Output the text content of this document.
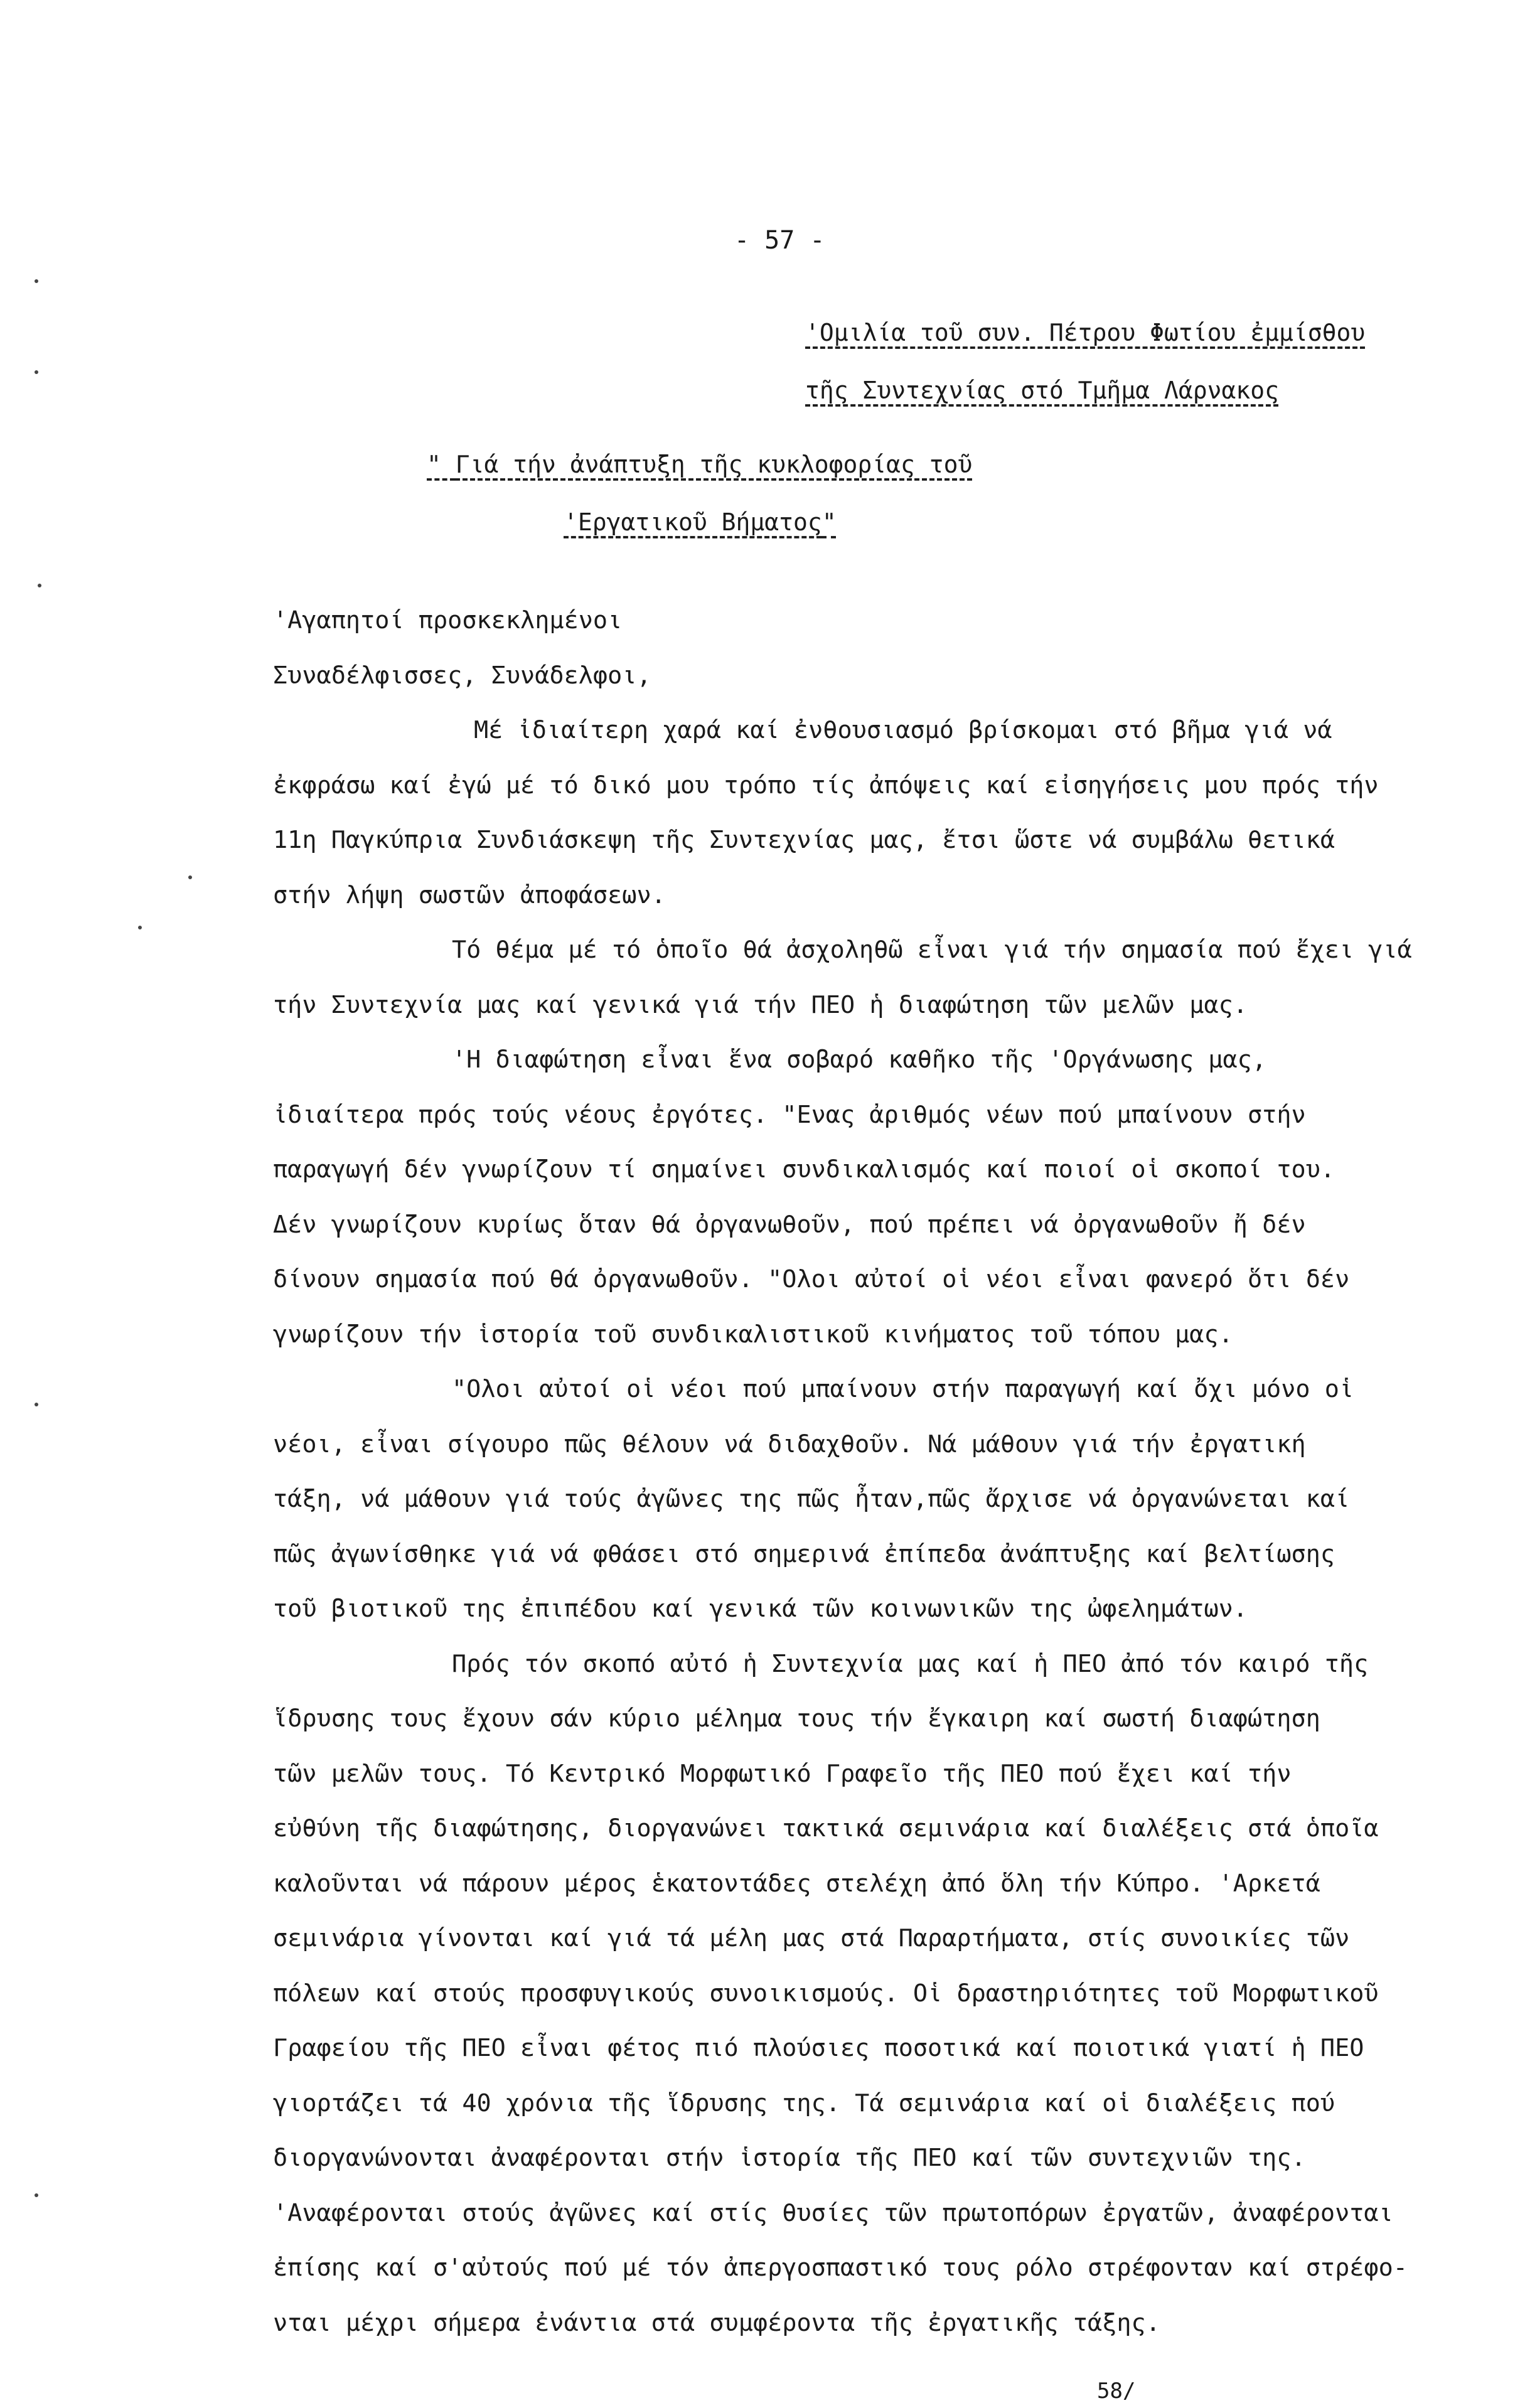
- 57 -
'Ομιλία τοῦ συν. Πέτρου Φωτίου ἐμμίσθου
τῆς Συντεχνίας στό Τμῆμα Λάρνακος
" Γιά τήν ἀνάπτυξη τῆς κυκλοφορίας τοῦ
'Εργατικοῦ Βήματος"
'Αγαπητοί προσκεκλημένοι
Συναδέλφισσες, Συνάδελφοι,
Μέ ἰδιαίτερη χαρά καί ἐνθουσιασμό βρίσκομαι στό βῆμα γιά νά
ἐκφράσω καί ἐγώ μέ τό δικό μου τρόπο τίς ἀπόψεις καί εἰσηγήσεις μου πρός τήν
11η Παγκύπρια Συνδιάσκεψη τῆς Συντεχνίας μας, ἔτσι ὥστε νά συμβάλω θετικά
στήν λήψη σωστῶν ἀποφάσεων.
Τό θέμα μέ τό ὁποῖο θά ἀσχοληθῶ εἶναι γιά τήν σημασία πού ἔχει γιά
τήν Συντεχνία μας καί γενικά γιά τήν ΠΕΟ ἡ διαφώτηση τῶν μελῶν μας.
'Η διαφώτηση εἶναι ἕνα σοβαρό καθῆκο τῆς 'Οργάνωσης μας,
ἰδιαίτερα πρός τούς νέους ἐργότες. "Ενας ἀριθμός νέων πού μπαίνουν στήν
παραγωγή δέν γνωρίζουν τί σημαίνει συνδικαλισμός καί ποιοί οἱ σκοποί του.
Δέν γνωρίζουν κυρίως ὅταν θά ὀργανωθοῦν, πού πρέπει νά ὀργανωθοῦν ἤ δέν
δίνουν σημασία πού θά ὀργανωθοῦν. "Ολοι αὐτοί οἱ νέοι εἶναι φανερό ὅτι δέν
γνωρίζουν τήν ἱστορία τοῦ συνδικαλιστικοῦ κινήματος τοῦ τόπου μας.
"Ολοι αὐτοί οἱ νέοι πού μπαίνουν στήν παραγωγή καί ὄχι μόνο οἱ
νέοι, εἶναι σίγουρο πῶς θέλουν νά διδαχθοῦν. Νά μάθουν γιά τήν ἐργατική
τάξη, νά μάθουν γιά τούς ἀγῶνες της πῶς ἦταν,πῶς ἄρχισε νά ὀργανώνεται καί
πῶς ἀγωνίσθηκε γιά νά φθάσει στό σημερινά ἐπίπεδα ἀνάπτυξης καί βελτίωσης
τοῦ βιοτικοῦ της ἐπιπέδου καί γενικά τῶν κοινωνικῶν της ὠφελημάτων.
Πρός τόν σκοπό αὐτό ἡ Συντεχνία μας καί ἡ ΠΕΟ ἀπό τόν καιρό τῆς
ἵδρυσης τους ἔχουν σάν κύριο μέλημα τους τήν ἔγκαιρη καί σωστή διαφώτηση
τῶν μελῶν τους. Τό Κεντρικό Μορφωτικό Γραφεῖο τῆς ΠΕΟ πού ἔχει καί τήν
εὐθύνη τῆς διαφώτησης, διοργανώνει τακτικά σεμινάρια καί διαλέξεις στά ὁποῖα
καλοῦνται νά πάρουν μέρος ἑκατοντάδες στελέχη ἀπό ὅλη τήν Κύπρο. 'Αρκετά
σεμινάρια γίνονται καί γιά τά μέλη μας στά Παραρτήματα, στίς συνοικίες τῶν
πόλεων καί στούς προσφυγικούς συνοικισμούς. Οἱ δραστηριότητες τοῦ Μορφωτικοῦ
Γραφείου τῆς ΠΕΟ εἶναι φέτος πιό πλούσιες ποσοτικά καί ποιοτικά γιατί ἡ ΠΕΟ
γιορτάζει τά 40 χρόνια τῆς ἵδρυσης της. Τά σεμινάρια καί οἱ διαλέξεις πού
διοργανώνονται ἀναφέρονται στήν ἱστορία τῆς ΠΕΟ καί τῶν συντεχνιῶν της.
'Αναφέρονται στούς ἀγῶνες καί στίς θυσίες τῶν πρωτοπόρων ἐργατῶν, ἀναφέρονται
ἐπίσης καί σ'αὐτούς πού μέ τόν ἀπεργοσπαστικό τους ρόλο στρέφονταν καί στρέφο-
νται μέχρι σήμερα ἐνάντια στά συμφέροντα τῆς ἐργατικῆς τάξης.
58/
